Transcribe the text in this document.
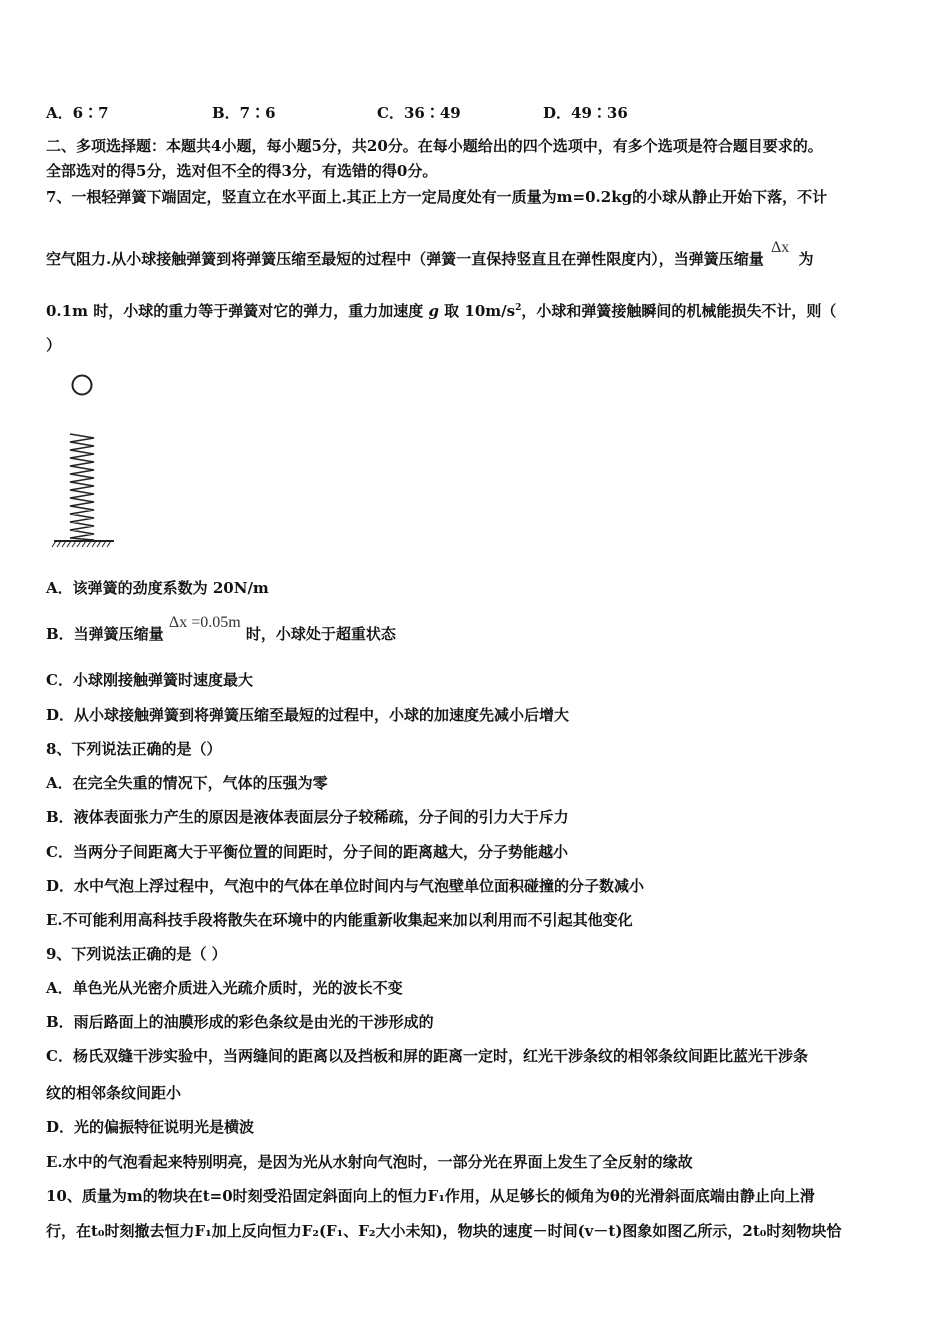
A．6∶7	B．7∶6	C．36∶49	D．49∶36
二、多项选择题：本题共4小题，每小题5分，共20分。在每小题给出的四个选项中，有多个选项是符合题目要求的。
全部选对的得5分，选对但不全的得3分，有选错的得0分。
7、一根轻弹簧下端固定，竖直立在水平面上.其正上方一定局度处有一质量为m=0.2kg的小球从静止开始下落，不计
空气阻力.从小球接触弹簧到将弹簧压缩至最短的过程中（弹簧一直保持竖直且在弹性限度内），当弹簧压缩量 Δx 为
0.1m 时，小球的重力等于弹簧对它的弹力，重力加速度 g 取 $10m/s^2$，小球和弹簧接触瞬间的机械能损失不计，则（
）
A．该弹簧的劲度系数为 20N/m
B．当弹簧压缩量 Δx =0.05m 时，小球处于超重状态
C．小球刚接触弹簧时速度最大
D．从小球接触弹簧到将弹簧压缩至最短的过程中，小球的加速度先减小后增大
8、下列说法正确的是（）
A．在完全失重的情况下，气体的压强为零
B．液体表面张力产生的原因是液体表面层分子较稀疏，分子间的引力大于斥力
C．当两分子间距离大于平衡位置的间距时，分子间的距离越大，分子势能越小
D．水中气泡上浮过程中，气泡中的气体在单位时间内与气泡壁单位面积碰撞的分子数减小
E.不可能利用高科技手段将散失在环境中的内能重新收集起来加以利用而不引起其他变化
9、下列说法正确的是（ ）
A．单色光从光密介质进入光疏介质时，光的波长不变
B．雨后路面上的油膜形成的彩色条纹是由光的干涉形成的
C．杨氏双缝干涉实验中，当两缝间的距离以及挡板和屏的距离一定时，红光干涉条纹的相邻条纹间距比蓝光干涉条
纹的相邻条纹间距小
D．光的偏振特征说明光是横波
E.水中的气泡看起来特别明亮，是因为光从水射向气泡时，一部分光在界面上发生了全反射的缘故
10、质量为m的物块在t=0时刻受沿固定斜面向上的恒力F₁作用，从足够长的倾角为θ的光滑斜面底端由静止向上滑
行，在t₀时刻撤去恒力F₁加上反向恒力F₂(F₁、F₂大小未知)，物块的速度－时间(v－t)图象如图乙所示，2t₀时刻物块恰
